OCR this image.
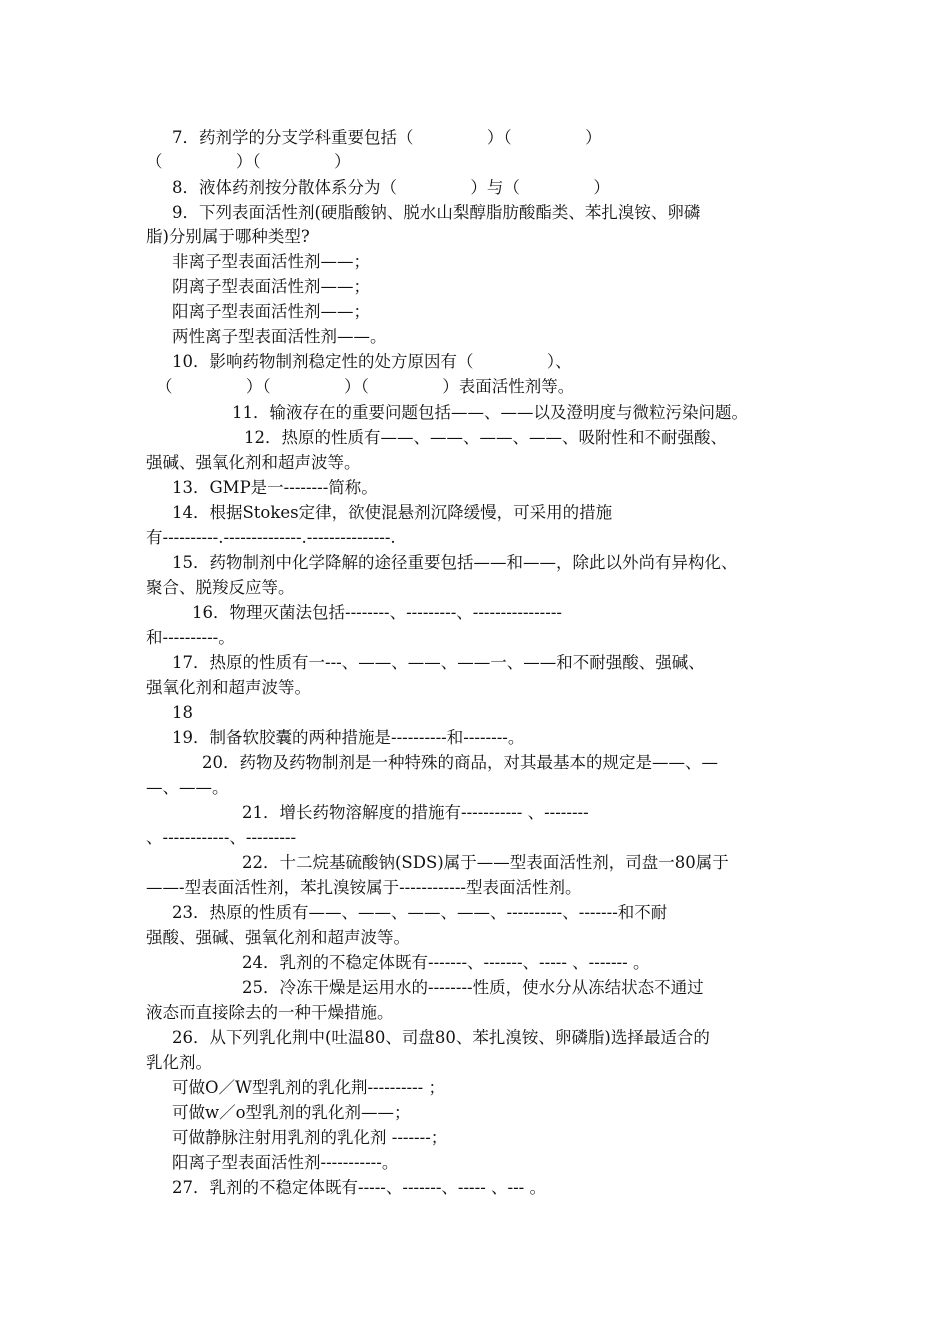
7．药剂学的分支学科重要包括（              ）（              ）
（              ）（              ）
8．液体药剂按分散体系分为（              ）与（              ）
9．下列表面活性剂(硬脂酸钠、脱水山梨醇脂肪酸酯类、苯扎溴铵、卵磷
脂)分别属于哪种类型?
非离子型表面活性剂——；
阴离子型表面活性剂——；
阳离子型表面活性剂——；
两性离子型表面活性剂——。
10．影响药物制剂稳定性的处方原因有（              ）、
（              ）（              ）（              ）表面活性剂等。
11．输液存在的重要问题包括——、——以及澄明度与微粒污染问题。
12．热原的性质有——、——、——、——、吸附性和不耐强酸、
强碱、强氧化剂和超声波等。
13．GMP是一--------简称。
14．根据Stokes定律，欲使混悬剂沉降缓慢，可采用的措施
有----------.--------------.---------------.
15．药物制剂中化学降解的途径重要包括——和——，除此以外尚有异构化、
聚合、脱羧反应等。
16．物理灭菌法包括--------、---------、----------------
和----------。
17．热原的性质有一---、——、——、——一、——和不耐强酸、强碱、
强氧化剂和超声波等。
18
19．制备软胶囊的两种措施是----------和--------。
20．药物及药物制剂是一种特殊的商品，对其最基本的规定是——、—
—、——。
21．增长药物溶解度的措施有----------- 、--------
、------------、---------
22．十二烷基硫酸钠(SDS)属于——型表面活性剂，司盘一80属于
——-型表面活性剂，苯扎溴铵属于------------型表面活性剂。
23．热原的性质有——、——、——、——、----------、-------和不耐
强酸、强碱、强氧化剂和超声波等。
24．乳剂的不稳定体既有-------、-------、----- 、------- 。
25．冷冻干燥是运用水的--------性质，使水分从冻结状态不通过
液态而直接除去的一种干燥措施。
26．从下列乳化荆中(吐温80、司盘80、苯扎溴铵、卵磷脂)选择最适合的
乳化剂。
可做O／W型乳剂的乳化荆---------- ；
可做w／o型乳剂的乳化剂——；
可做静脉注射用乳剂的乳化剂 -------；
阳离子型表面活性剂-----------。
27．乳剂的不稳定体既有-----、-------、----- 、--- 。
